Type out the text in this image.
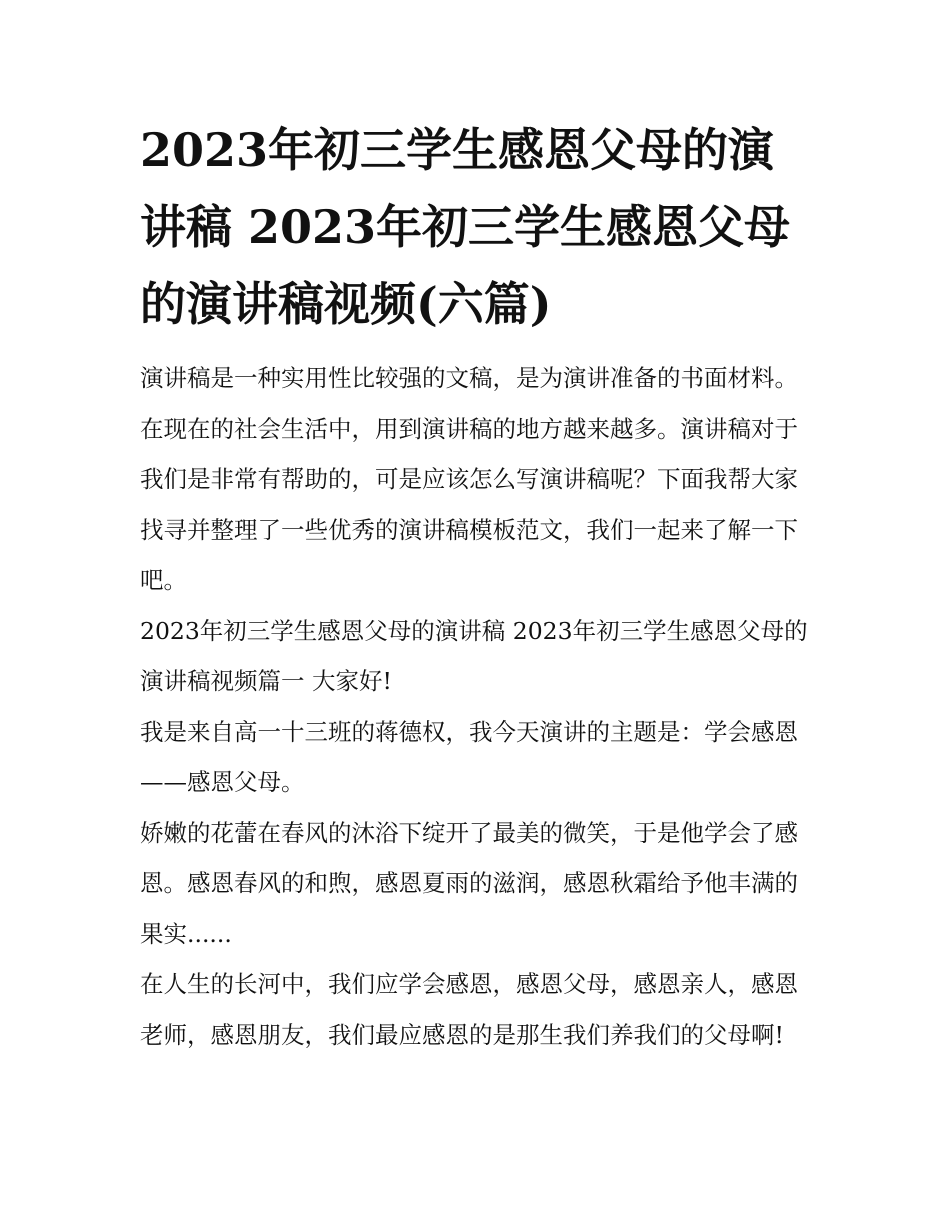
2023年初三学生感恩父母的演讲稿 2023年初三学生感恩父母的演讲稿视频(六篇)

演讲稿是一种实用性比较强的文稿，是为演讲准备的书面材料。在现在的社会生活中，用到演讲稿的地方越来越多。演讲稿对于我们是非常有帮助的，可是应该怎么写演讲稿呢？下面我帮大家找寻并整理了一些优秀的演讲稿模板范文，我们一起来了解一下吧。

2023年初三学生感恩父母的演讲稿 2023年初三学生感恩父母的演讲稿视频篇一 大家好!

我是来自高一十三班的蒋德权，我今天演讲的主题是：学会感恩——感恩父母。

娇嫩的花蕾在春风的沐浴下绽开了最美的微笑，于是他学会了感恩。感恩春风的和煦，感恩夏雨的滋润，感恩秋霜给予他丰满的果实......

在人生的长河中，我们应学会感恩，感恩父母，感恩亲人，感恩老师，感恩朋友，我们最应感恩的是那生我们养我们的父母啊!
